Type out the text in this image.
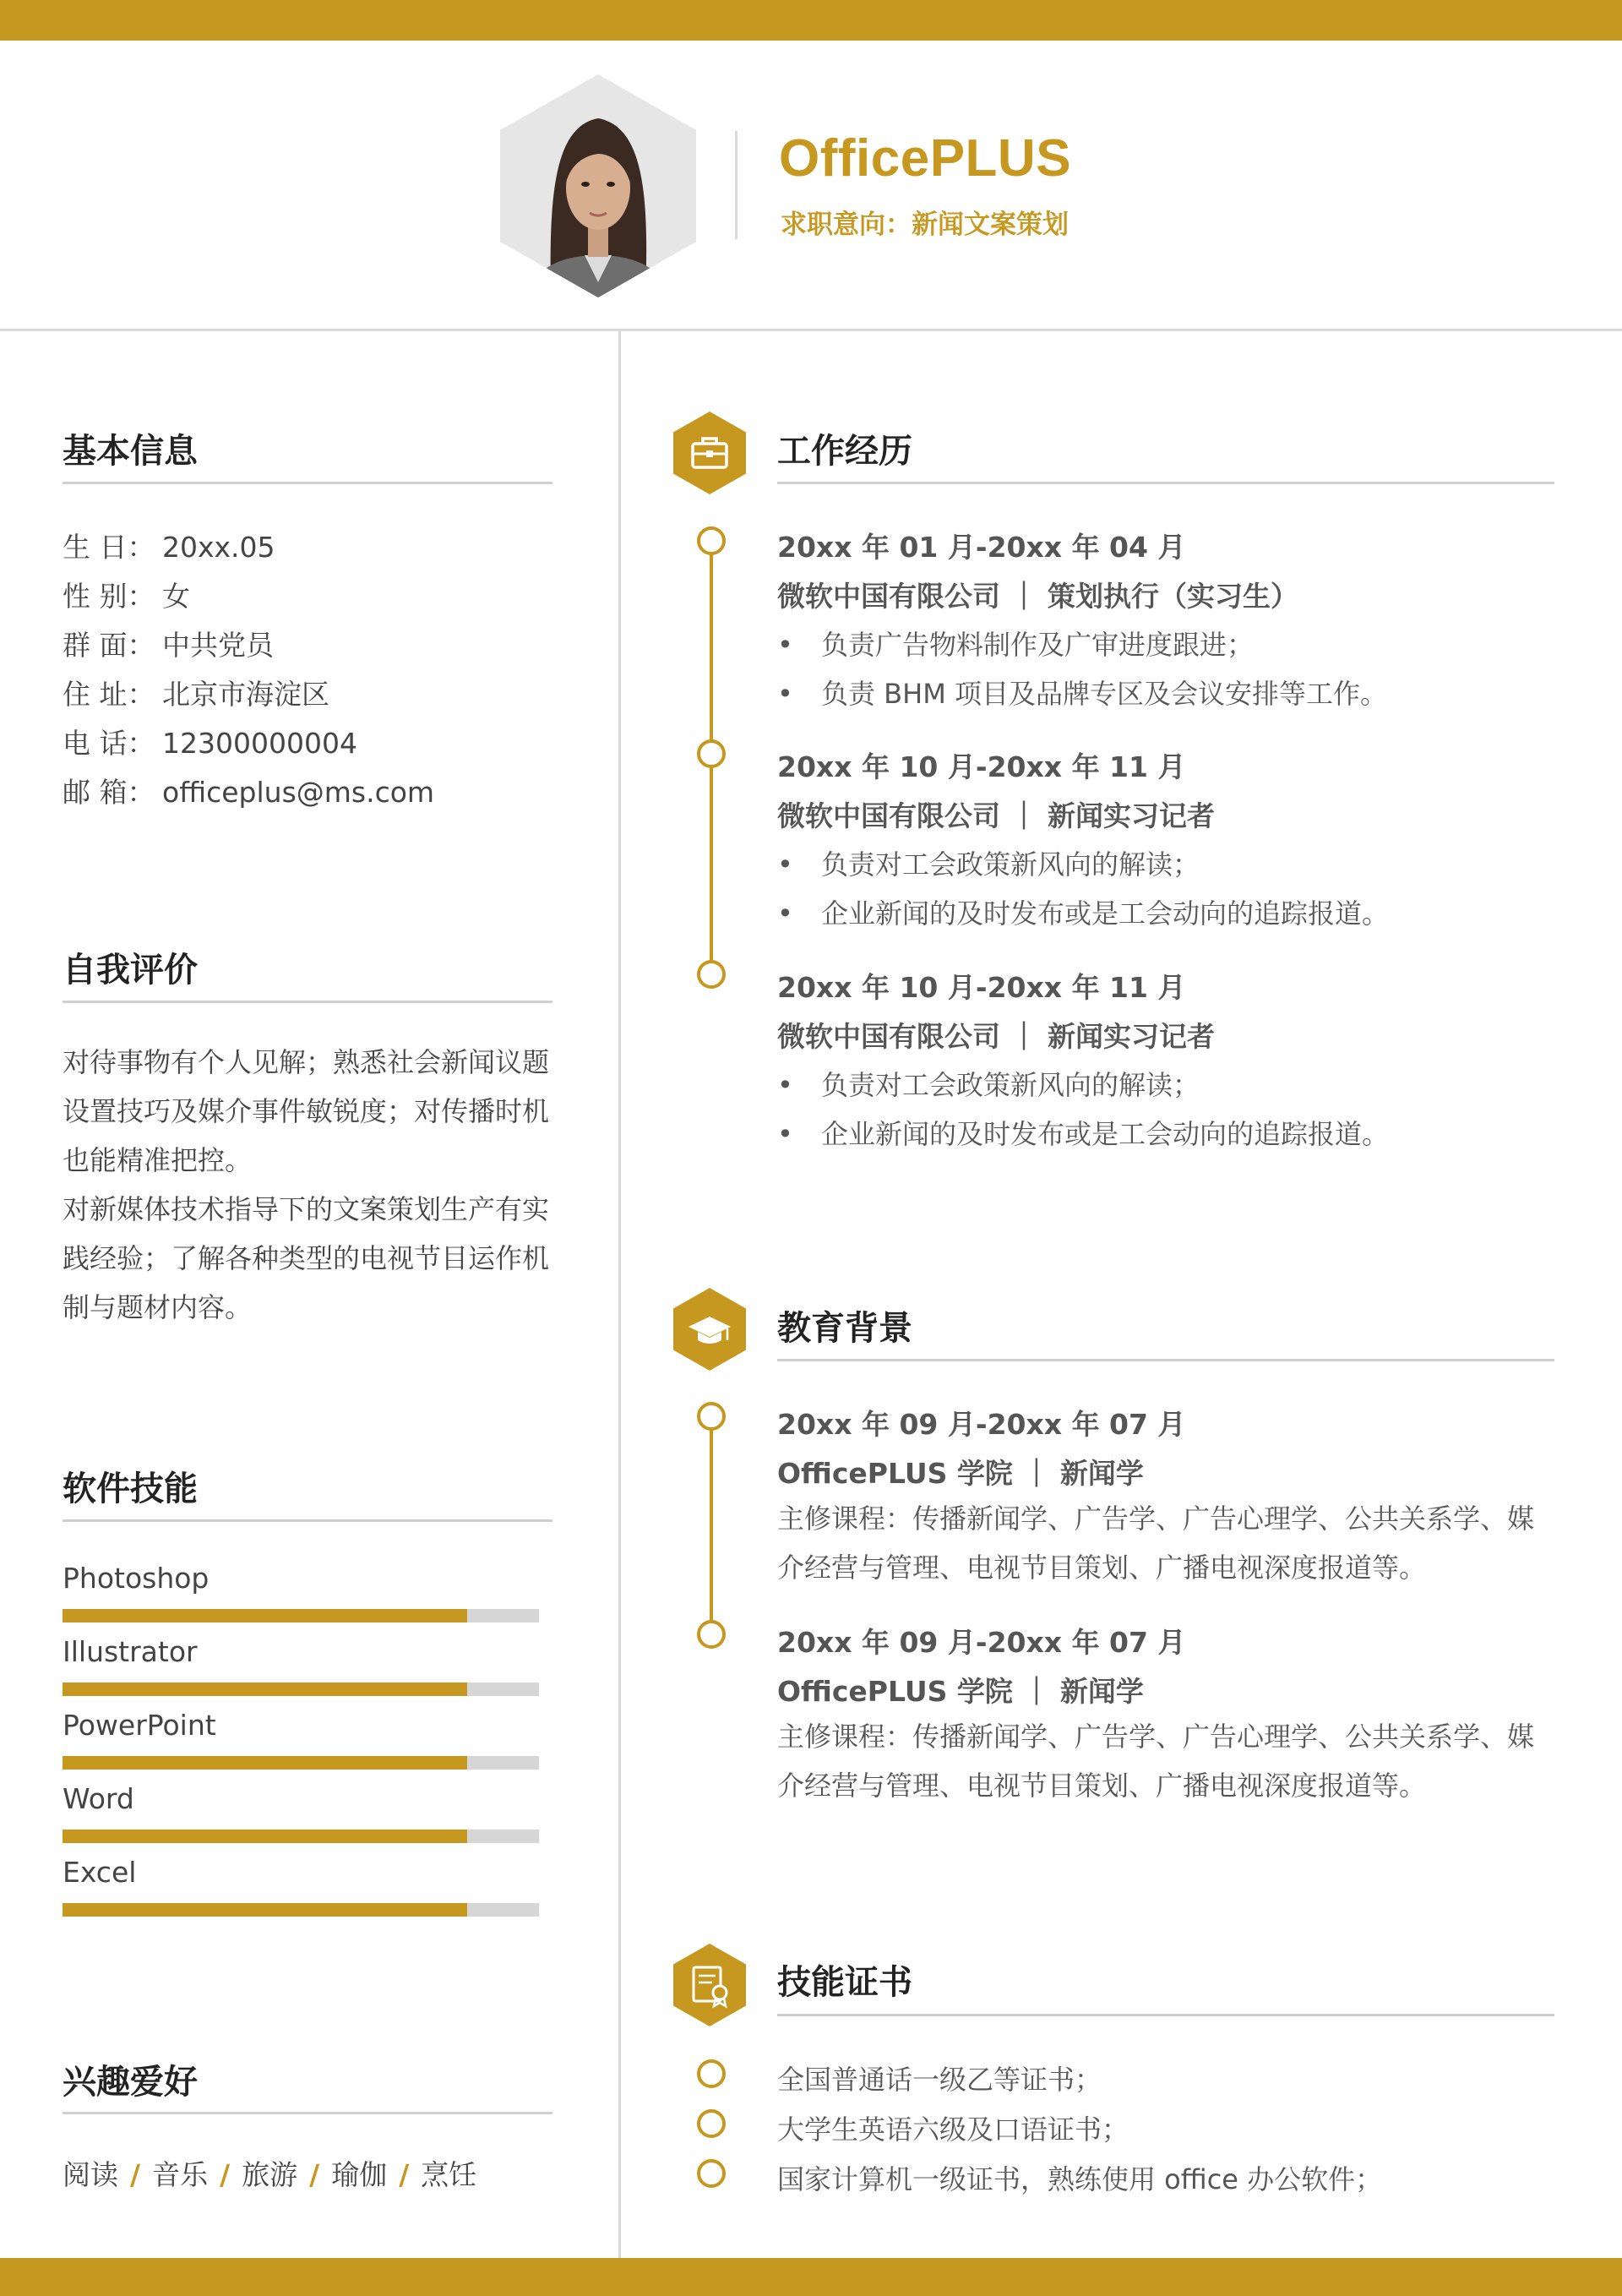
OfficePLUS
求职意向：新闻文案策划
基本信息
生 日： 20xx.05
性 别： 女
群 面： 中共党员
住 址： 北京市海淀区
电 话： 12300000004
邮 箱： officeplus@ms.com
自我评价
对待事物有个人见解；熟悉社会新闻议题设置技巧及媒介事件敏锐度；对传播时机也能精准把控。
对新媒体技术指导下的文案策划生产有实践经验；了解各种类型的电视节目运作机制与题材内容。
软件技能
Photoshop
Illustrator
PowerPoint
Word
Excel
兴趣爱好
阅读 / 音乐 / 旅游 / 瑜伽 / 烹饪
工作经历
20xx 年 01 月-20xx 年 04 月
微软中国有限公司 ｜ 策划执行（实习生）
• 负责广告物料制作及广审进度跟进；
• 负责 BHM 项目及品牌专区及会议安排等工作。
20xx 年 10 月-20xx 年 11 月
微软中国有限公司 ｜ 新闻实习记者
• 负责对工会政策新风向的解读；
• 企业新闻的及时发布或是工会动向的追踪报道。
20xx 年 10 月-20xx 年 11 月
微软中国有限公司 ｜ 新闻实习记者
• 负责对工会政策新风向的解读；
• 企业新闻的及时发布或是工会动向的追踪报道。
教育背景
20xx 年 09 月-20xx 年 07 月
OfficePLUS 学院 ｜ 新闻学
主修课程：传播新闻学、广告学、广告心理学、公共关系学、媒介经营与管理、电视节目策划、广播电视深度报道等。
20xx 年 09 月-20xx 年 07 月
OfficePLUS 学院 ｜ 新闻学
主修课程：传播新闻学、广告学、广告心理学、公共关系学、媒介经营与管理、电视节目策划、广播电视深度报道等。
技能证书
全国普通话一级乙等证书；
大学生英语六级及口语证书；
国家计算机一级证书，熟练使用 office 办公软件；
